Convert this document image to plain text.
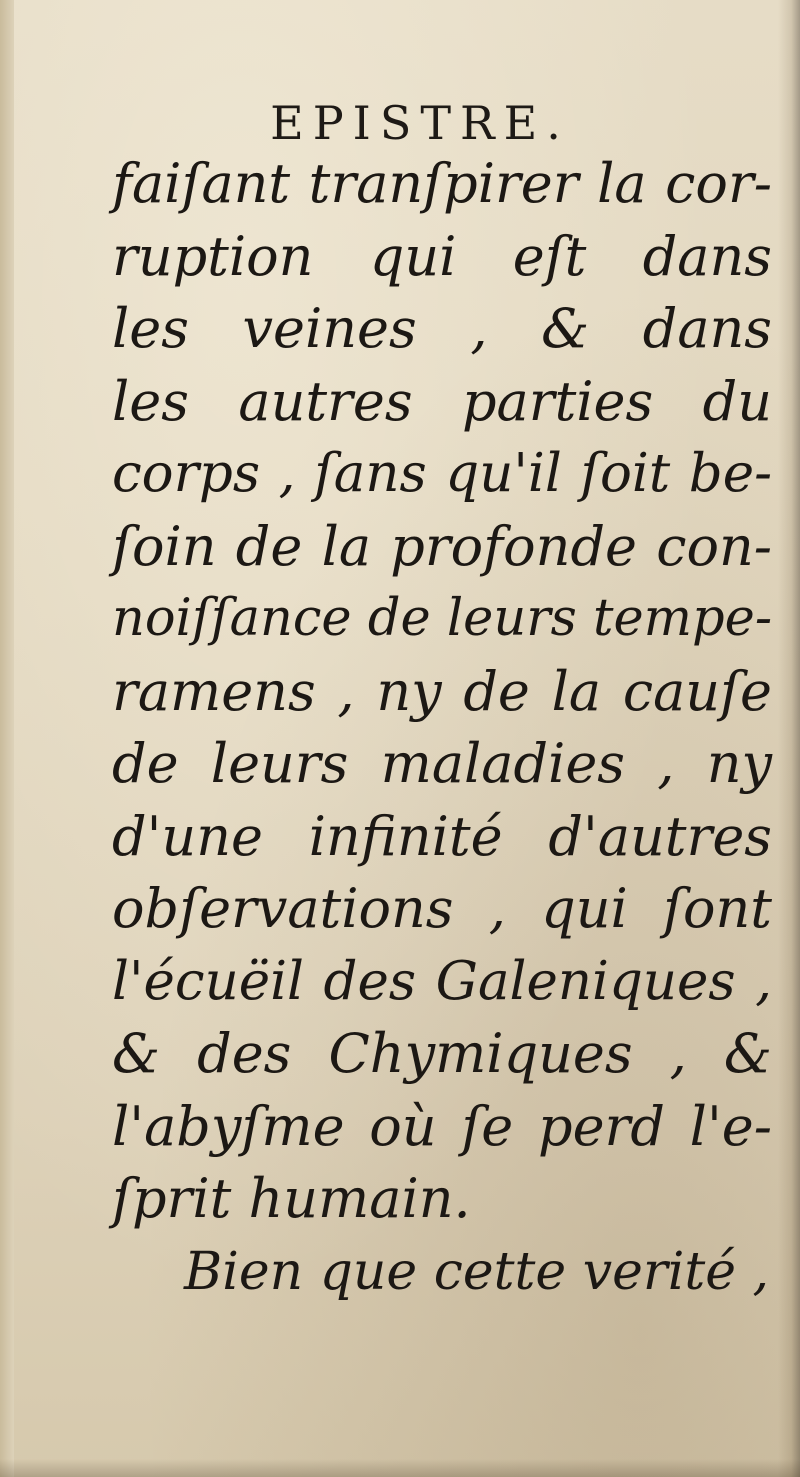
EPISTRE.
faiſant tranſpirer la cor-
ruption qui eſt dans
les veines , & dans
les autres parties du
corps , ſans qu'il ſoit be-
ſoin de la profonde con-
noiſſance de leurs tempe-
ramens , ny de la cauſe
de leurs maladies , ny
d'une infinité d'autres
obſervations , qui ſont
l'écuëil des Galeniques ,
& des Chymiques , &
l'abyſme où ſe perd l'e-
ſprit humain.
Bien que cette verité ,
